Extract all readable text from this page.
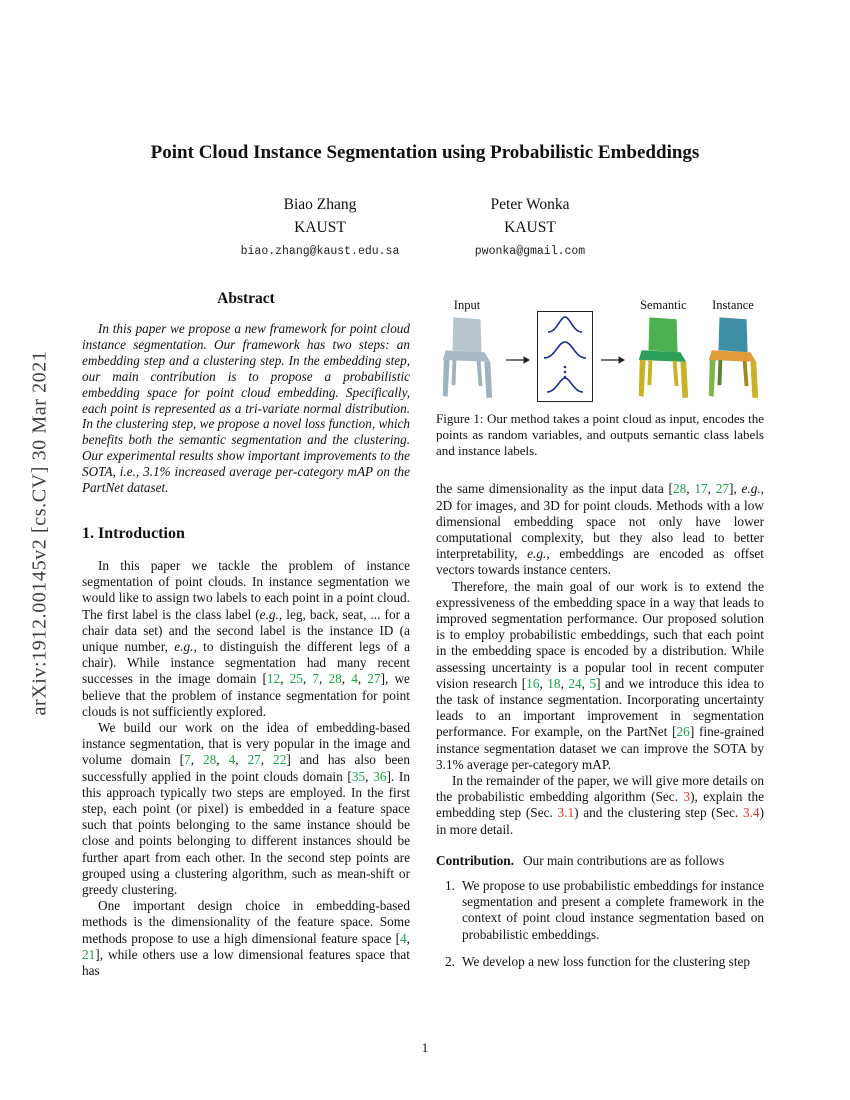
arXiv:1912.00145v2 [cs.CV] 30 Mar 2021
Point Cloud Instance Segmentation using Probabilistic Embeddings
Biao Zhang
KAUST
biao.zhang@kaust.edu.sa
Peter Wonka
KAUST
pwonka@gmail.com
Abstract

In this paper we propose a new framework for point cloud instance segmentation. Our framework has two steps: an embedding step and a clustering step. In the embedding step, our main contribution is to propose a probabilistic embedding space for point cloud embedding. Specifically, each point is represented as a tri-variate normal distribution. In the clustering step, we propose a novel loss function, which benefits both the semantic segmentation and the clustering. Our experimental results show important improvements to the SOTA, i.e., 3.1% increased average per-category mAP on the PartNet dataset.

1. Introduction

In this paper we tackle the problem of instance segmentation of point clouds. In instance segmentation we would like to assign two labels to each point in a point cloud. The first label is the class label (e.g., leg, back, seat, ... for a chair data set) and the second label is the instance ID (a unique number, e.g., to distinguish the different legs of a chair). While instance segmentation had many recent successes in the image domain [12, 25, 7, 28, 4, 27], we believe that the problem of instance segmentation for point clouds is not sufficiently explored.

We build our work on the idea of embedding-based instance segmentation, that is very popular in the image and volume domain [7, 28, 4, 27, 22] and has also been successfully applied in the point clouds domain [35, 36]. In this approach typically two steps are employed. In the first step, each point (or pixel) is embedded in a feature space such that points belonging to the same instance should be close and points belonging to different instances should be further apart from each other. In the second step points are grouped using a clustering algorithm, such as mean-shift or greedy clustering.

One important design choice in embedding-based methods is the dimensionality of the feature space. Some methods propose to use a high dimensional feature space [4, 21], while others use a low dimensional features space that has

Input	Semantic Instance
Figure 1: Our method takes a point cloud as input, encodes the points as random variables, and outputs semantic class labels and instance labels.

the same dimensionality as the input data [28, 17, 27], e.g., 2D for images, and 3D for point clouds. Methods with a low dimensional embedding space not only have lower computational complexity, but they also lead to better interpretability, e.g., embeddings are encoded as offset vectors towards instance centers.

Therefore, the main goal of our work is to extend the expressiveness of the embedding space in a way that leads to improved segmentation performance. Our proposed solution is to employ probabilistic embeddings, such that each point in the embedding space is encoded by a distribution. While assessing uncertainty is a popular tool in recent computer vision research [16, 18, 24, 5] and we introduce this idea to the task of instance segmentation. Incorporating uncertainty leads to an important improvement in segmentation performance. For example, on the PartNet [26] fine-grained instance segmentation dataset we can improve the SOTA by 3.1% average per-category mAP.

In the remainder of the paper, we will give more details on the probabilistic embedding algorithm (Sec. 3), explain the embedding step (Sec. 3.1) and the clustering step (Sec. 3.4) in more detail.

Contribution. Our main contributions are as follows

1. We propose to use probabilistic embeddings for instance segmentation and present a complete framework in the context of point cloud instance segmentation based on probabilistic embeddings.
2. We develop a new loss function for the clustering step
1
